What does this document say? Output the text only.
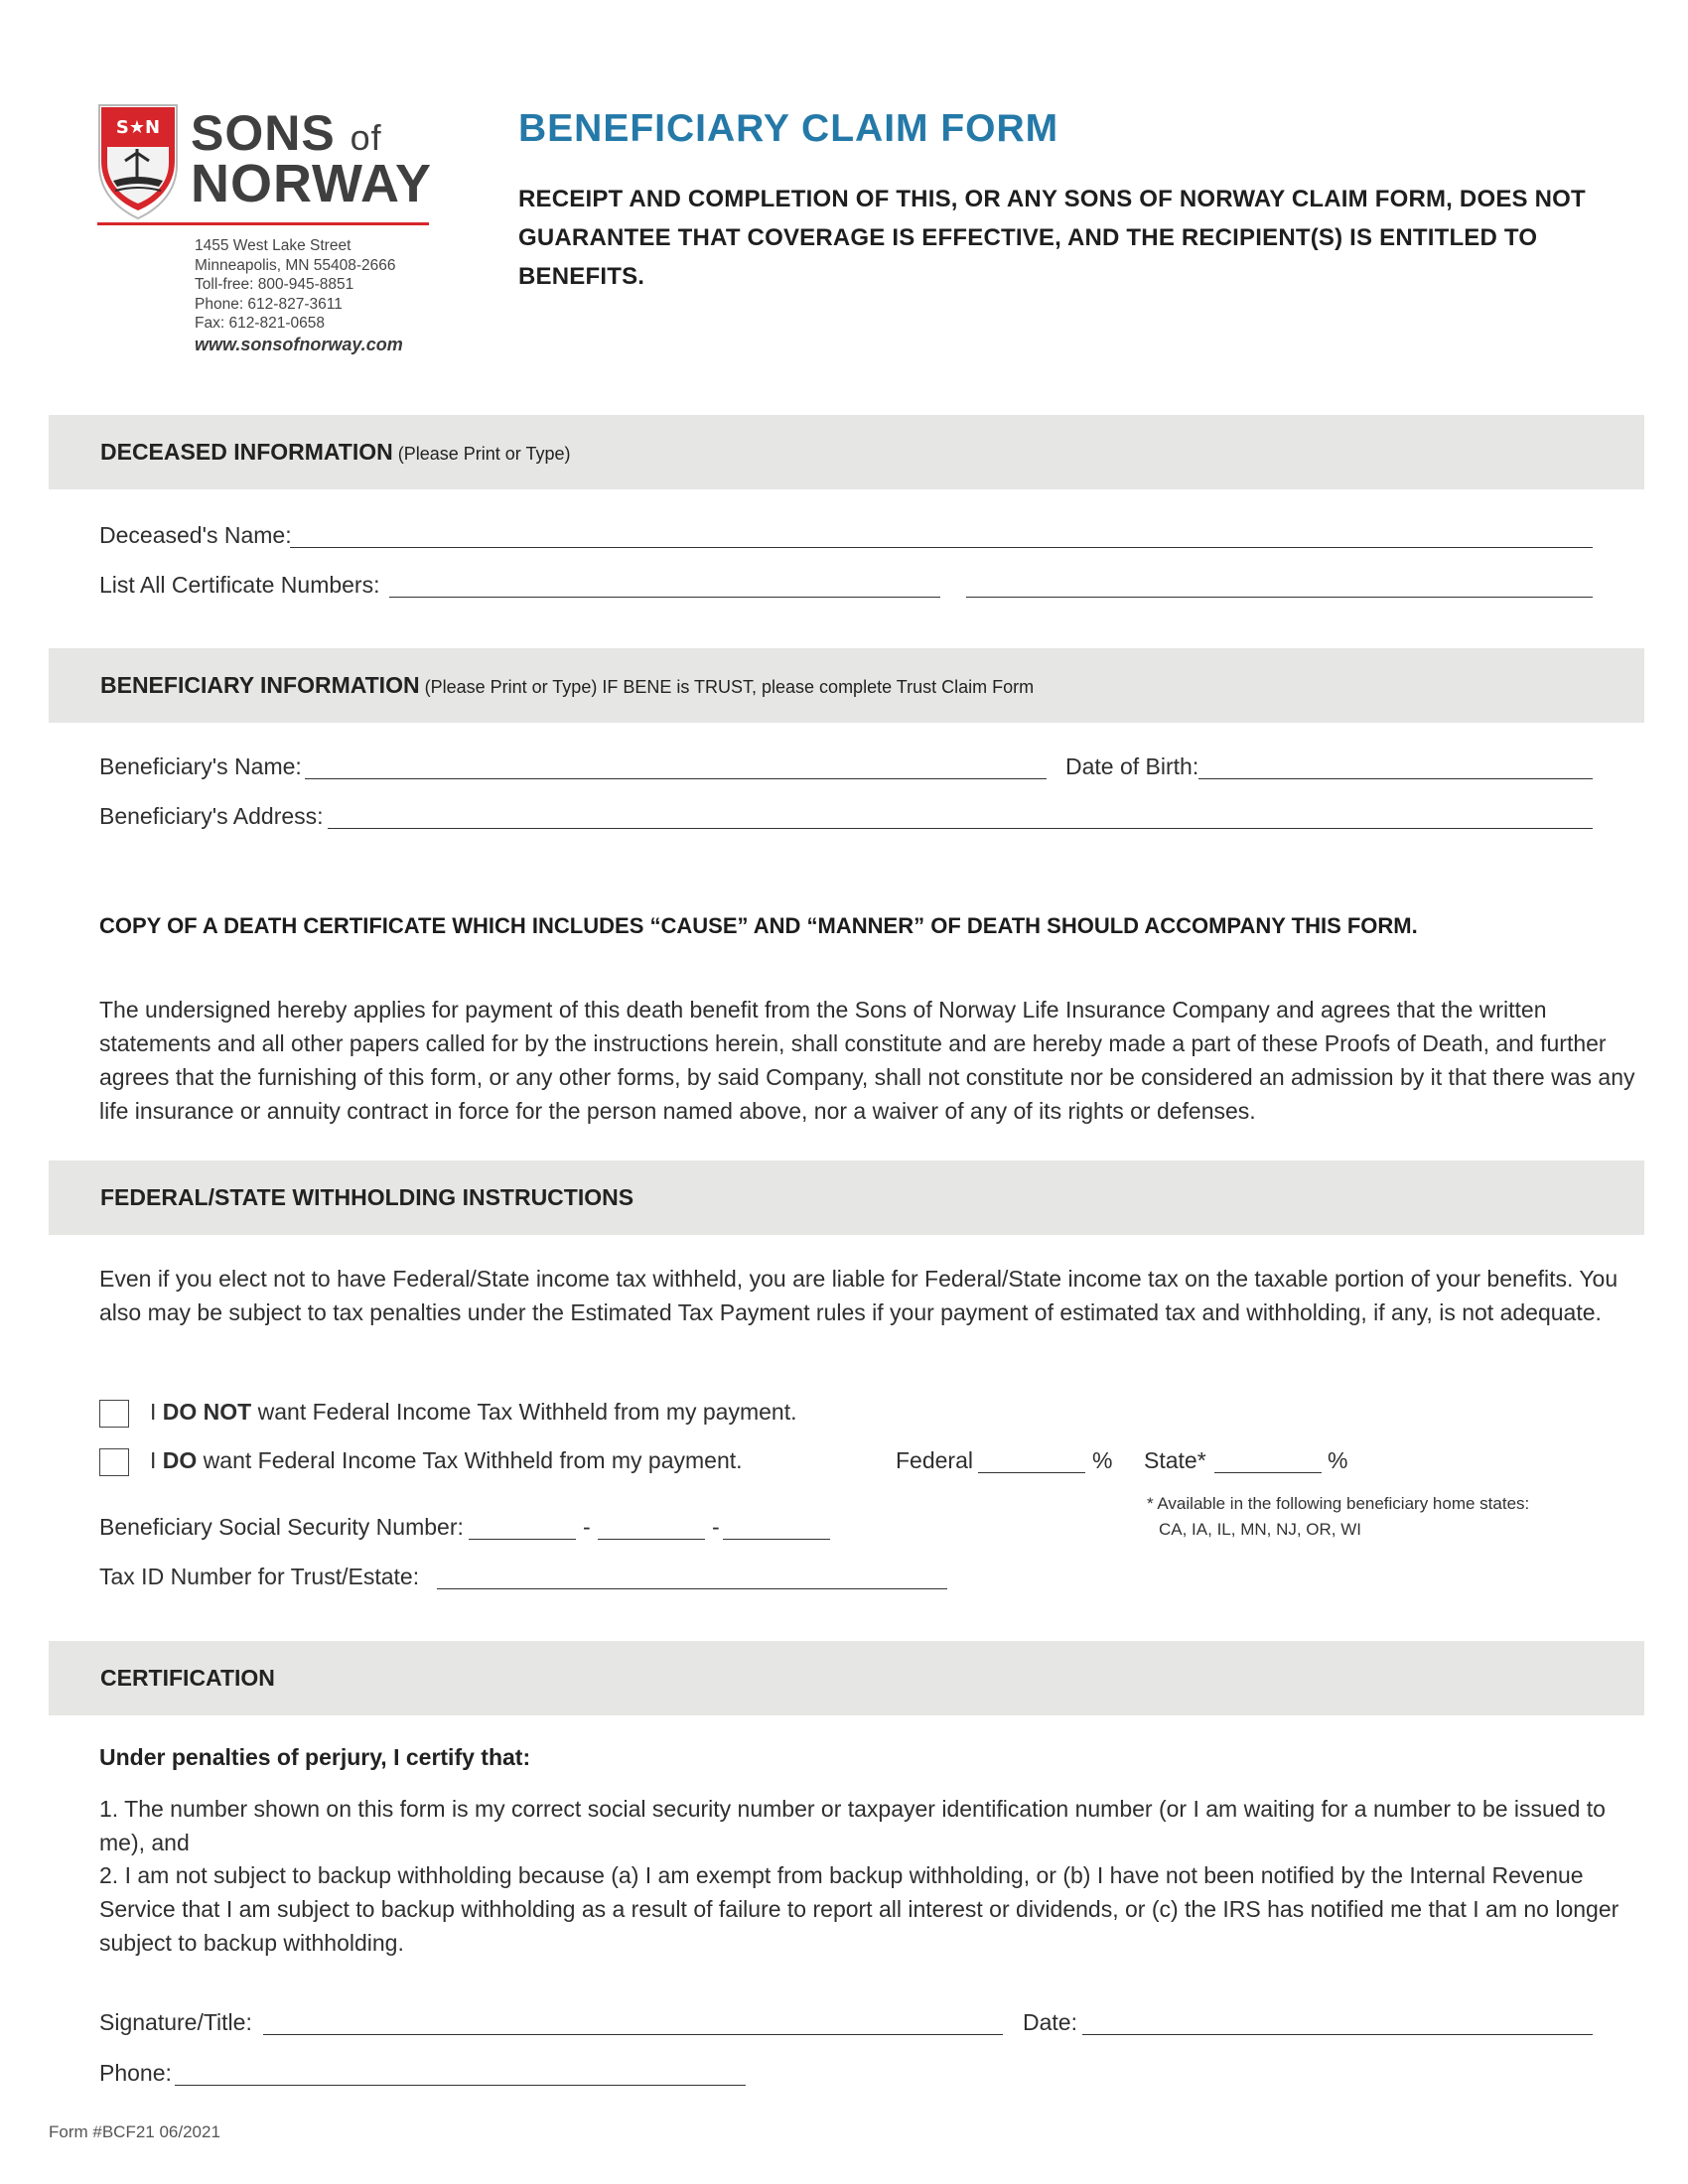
S★N SONS of
NORWAY
1455 West Lake Street
Minneapolis, MN 55408-2666
Toll-free: 800-945-8851
Phone: 612-827-3611
Fax: 612-821-0658
www.sonsofnorway.com
BENEFICIARY CLAIM FORM
RECEIPT AND COMPLETION OF THIS, OR ANY SONS OF NORWAY CLAIM FORM, DOES NOT GUARANTEE THAT COVERAGE IS EFFECTIVE, AND THE RECIPIENT(S) IS ENTITLED TO BENEFITS.
DECEASED INFORMATION (Please Print or Type)
Deceased's Name:
List All Certificate Numbers:
BENEFICIARY INFORMATION (Please Print or Type) IF BENE is TRUST, please complete Trust Claim Form
Beneficiary's Name:	Date of Birth:
Beneficiary's Address:
COPY OF A DEATH CERTIFICATE WHICH INCLUDES “CAUSE” AND “MANNER” OF DEATH SHOULD ACCOMPANY THIS FORM.
The undersigned hereby applies for payment of this death benefit from the Sons of Norway Life Insurance Company and agrees that the written statements and all other papers called for by the instructions herein, shall constitute and are hereby made a part of these Proofs of Death, and further agrees that the furnishing of this form, or any other forms, by said Company, shall not constitute nor be considered an admission by it that there was any life insurance or annuity contract in force for the person named above, nor a waiver of any of its rights or defenses.
FEDERAL/STATE WITHHOLDING INSTRUCTIONS
Even if you elect not to have Federal/State income tax withheld, you are liable for Federal/State income tax on the taxable portion of your benefits. You also may be subject to tax penalties under the Estimated Tax Payment rules if your payment of estimated tax and withholding, if any, is not adequate.
I DO NOT want Federal Income Tax Withheld from my payment.
I DO want Federal Income Tax Withheld from my payment.	Federal	% State*	%
* Available in the following beneficiary home states:
CA, IA, IL, MN, NJ, OR, WI
Beneficiary Social Security Number:	-	-
Tax ID Number for Trust/Estate:
CERTIFICATION
Under penalties of perjury, I certify that:
1. The number shown on this form is my correct social security number or taxpayer identification number (or I am waiting for a number to be issued to me), and
2. I am not subject to backup withholding because (a) I am exempt from backup withholding, or (b) I have not been notified by the Internal Revenue Service that I am subject to backup withholding as a result of failure to report all interest or dividends, or (c) the IRS has notified me that I am no longer subject to backup withholding.
Signature/Title:	Date:
Phone:
Form #BCF21 06/2021
